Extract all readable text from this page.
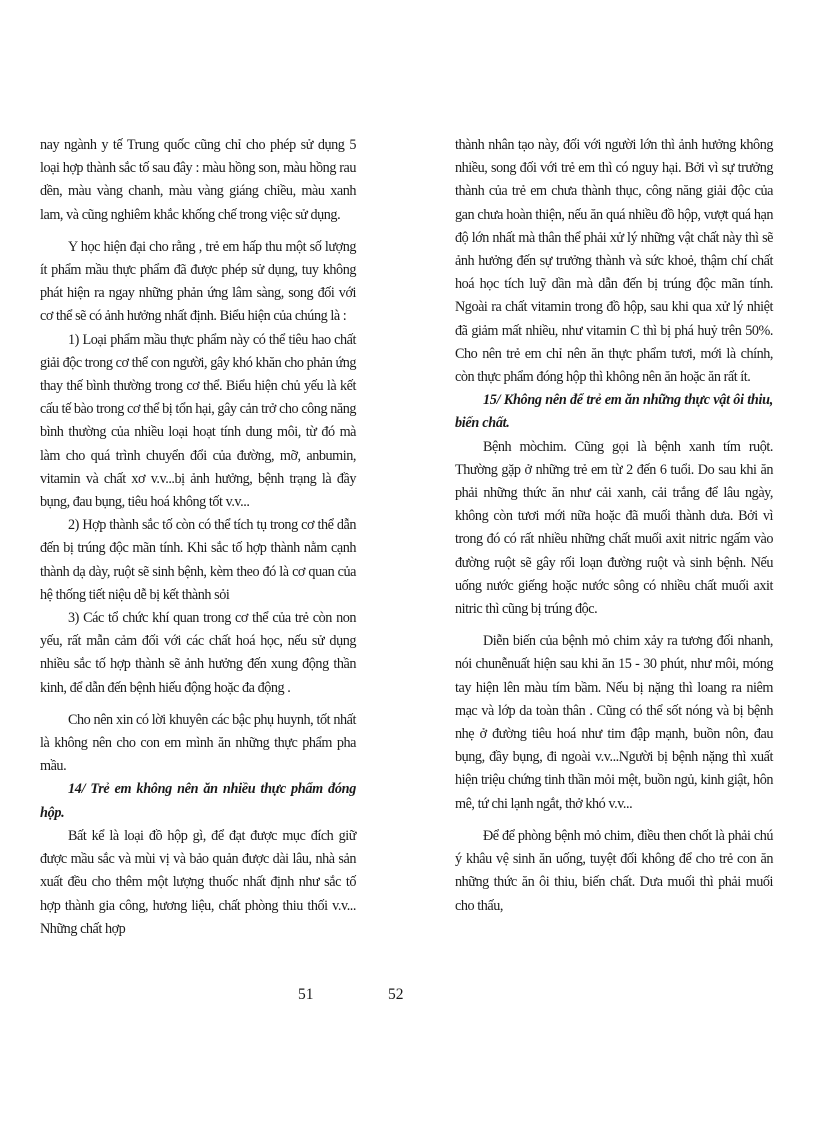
nay ngành y tế Trung quốc cũng chỉ cho phép sử dụng 5 loại hợp thành sắc tố sau đây : màu hồng son, màu hồng rau dền, màu vàng chanh, màu vàng giáng chiều, màu xanh lam, và cũng nghiêm khắc khống chế trong việc sử dụng.

Y học hiện đại cho rằng , trẻ em hấp thu một số lượng ít phẩm mầu thực phẩm đã được phép sử dụng, tuy không phát hiện ra ngay những phản ứng lâm sàng, song đối với cơ thể sẽ có ảnh hưởng nhất định. Biểu hiện của chúng là :

1) Loại phẩm mầu thực phẩm này có thể tiêu hao chất giải độc trong cơ thể con người, gây khó khăn cho phản ứng thay thế bình thường trong cơ thể. Biểu hiện chủ yếu là kết cấu tế bào trong cơ thể bị tổn hại, gây cản trở cho công năng bình thường của nhiều loại hoạt tính dung môi, từ đó mà làm cho quá trình chuyển đổi của đường, mỡ, anbumin, vitamin và chất xơ v.v...bị ảnh hưởng, bệnh trạng là đầy bụng, đau bụng, tiêu hoá không tốt v.v...

2) Hợp thành sắc tố còn có thể tích tụ trong cơ thể dẫn đến bị trúng độc mãn tính. Khi sắc tố hợp thành nằm cạnh thành dạ dày, ruột sẽ sinh bệnh, kèm theo đó là cơ quan của hệ thống tiết niệu dễ bị kết thành sỏi

3) Các tổ chức khí quan trong cơ thể của trẻ còn non yếu, rất mẫn cảm đối với các chất hoá học, nếu sử dụng nhiều sắc tố hợp thành sẽ ảnh hưởng đến xung động thần kinh, để dẫn đến bệnh hiếu động hoặc đa động .

Cho nên xin có lời khuyên các bậc phụ huynh, tốt nhất là không nên cho con em mình ăn những thực phẩm pha mầu.

14/ Trẻ em không nên ăn nhiều thực phẩm đóng hộp.

Bất kể là loại đồ hộp gì, để đạt được mục đích giữ được mầu sắc và mùi vị và bảo quản được dài lâu, nhà sản xuất đều cho thêm một lượng thuốc nhất định như sắc tố hợp thành gia công, hương liệu, chất phòng thiu thối v.v... Những chất hợp

thành nhân tạo này, đối với người lớn thì ảnh hưởng không nhiều, song đối với trẻ em thì có nguy hại. Bởi vì sự trưởng thành của trẻ em chưa thành thục, công năng giải độc của gan chưa hoàn thiện, nếu ăn quá nhiều đồ hộp, vượt quá hạn độ lớn nhất mà thân thể phải xử lý những vật chất này thì sẽ ảnh hưởng đến sự trưởng thành và sức khoẻ, thậm chí chất hoá học tích luỹ dần mà dẫn đến bị trúng độc mãn tính. Ngoài ra chất vitamin trong đồ hộp, sau khi qua xử lý nhiệt đã giảm mất nhiều, như vitamin C thì bị phá huỷ trên 50%. Cho nên trẻ em chỉ nên ăn thực phẩm tươi, mới là chính, còn thực phẩm đóng hộp thì không nên ăn hoặc ăn rất ít.

15/ Không nên để trẻ em ăn những thực vật ôi thiu, biến chất.

Bệnh mòchim. Cũng gọi là bệnh xanh tím ruột. Thường gặp ở những trẻ em từ 2 đến 6 tuổi. Do sau khi ăn phải những thức ăn như cải xanh, cải trắng để lâu ngày, không còn tươi mới nữa hoặc đã muối thành dưa. Bởi vì trong đó có rất nhiều những chất muối axit nitric ngấm vào đường ruột sẽ gây rối loạn đường ruột và sinh bệnh. Nếu uống nước giếng hoặc nước sông có nhiều chất muối axit nitric thì cũng bị trúng độc.

Diễn biến của bệnh mỏ chim xảy ra tương đối nhanh, nói chunễnuất hiện sau khi ăn 15 - 30 phút, như môi, móng tay hiện lên màu tím bầm. Nếu bị nặng thì loang ra niêm mạc và lớp da toàn thân . Cũng có thể sốt nóng và bị bệnh nhẹ ở đường tiêu hoá như tim đập mạnh, buồn nôn, đau bụng, đầy bụng, đi ngoài v.v...Người bị bệnh nặng thì xuất hiện triệu chứng tinh thần mỏi mệt, buồn ngủ, kinh giật, hôn mê, tứ chi lạnh ngắt, thở khó v.v...

Để để phòng bệnh mỏ chim, điều then chốt là phải chú ý khâu vệ sinh ăn uống, tuyệt đối không để cho trẻ con ăn những thức ăn ôi thiu, biến chất. Dưa muối thì phải muối cho thấu,

51	52
